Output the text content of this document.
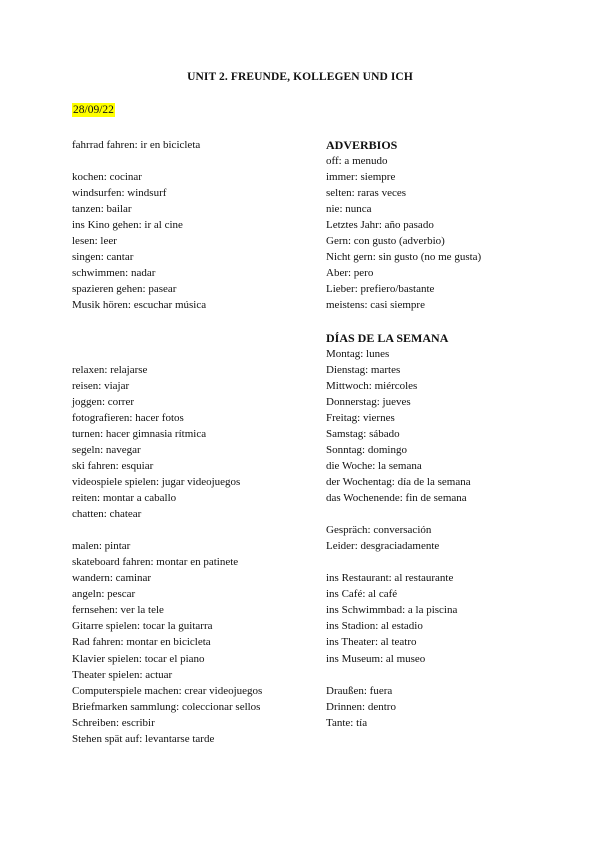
UNIT 2. FREUNDE, KOLLEGEN UND ICH
28/09/22
fahrrad fahren: ir en bicicleta
kochen: cocinar
windsurfen: windsurf
tanzen: bailar
ins Kino gehen: ir al cine
lesen: leer
singen: cantar
schwimmen: nadar
spazieren gehen: pasear
Musik hören: escuchar música
relaxen: relajarse
reisen: viajar
joggen: correr
fotografieren: hacer fotos
turnen: hacer gimnasia rítmica
segeln: navegar
ski fahren: esquiar
videospiele spielen: jugar videojuegos
reiten: montar a caballo
chatten: chatear
malen: pintar
skateboard fahren: montar en patinete
wandern: caminar
angeln: pescar
fernsehen: ver la tele
Gitarre spielen: tocar la guitarra
Rad fahren: montar en bicicleta
Klavier spielen: tocar el piano
Theater spielen: actuar
Computerspiele machen: crear videojuegos
Briefmarken sammlung: coleccionar sellos
Schreiben: escribir
Stehen spät auf: levantarse tarde
ADVERBIOS
off: a menudo
immer: siempre
selten: raras veces
nie: nunca
Letztes Jahr: año pasado
Gern: con gusto (adverbio)
Nicht gern: sin gusto (no me gusta)
Aber: pero
Lieber: prefiero/bastante
meistens: casi siempre
DÍAS DE LA SEMANA
Montag: lunes
Dienstag: martes
Mittwoch: miércoles
Donnerstag: jueves
Freitag: viernes
Samstag: sábado
Sonntag: domingo
die Woche: la semana
der Wochentag: día de la semana
das Wochenende: fin de semana
Gespräch: conversación
Leider: desgraciadamente
ins Restaurant: al restaurante
ins Café: al café
ins Schwimmbad: a la piscina
ins Stadion: al estadio
ins Theater: al teatro
ins Museum: al museo
Draußen: fuera
Drinnen: dentro
Tante: tía
